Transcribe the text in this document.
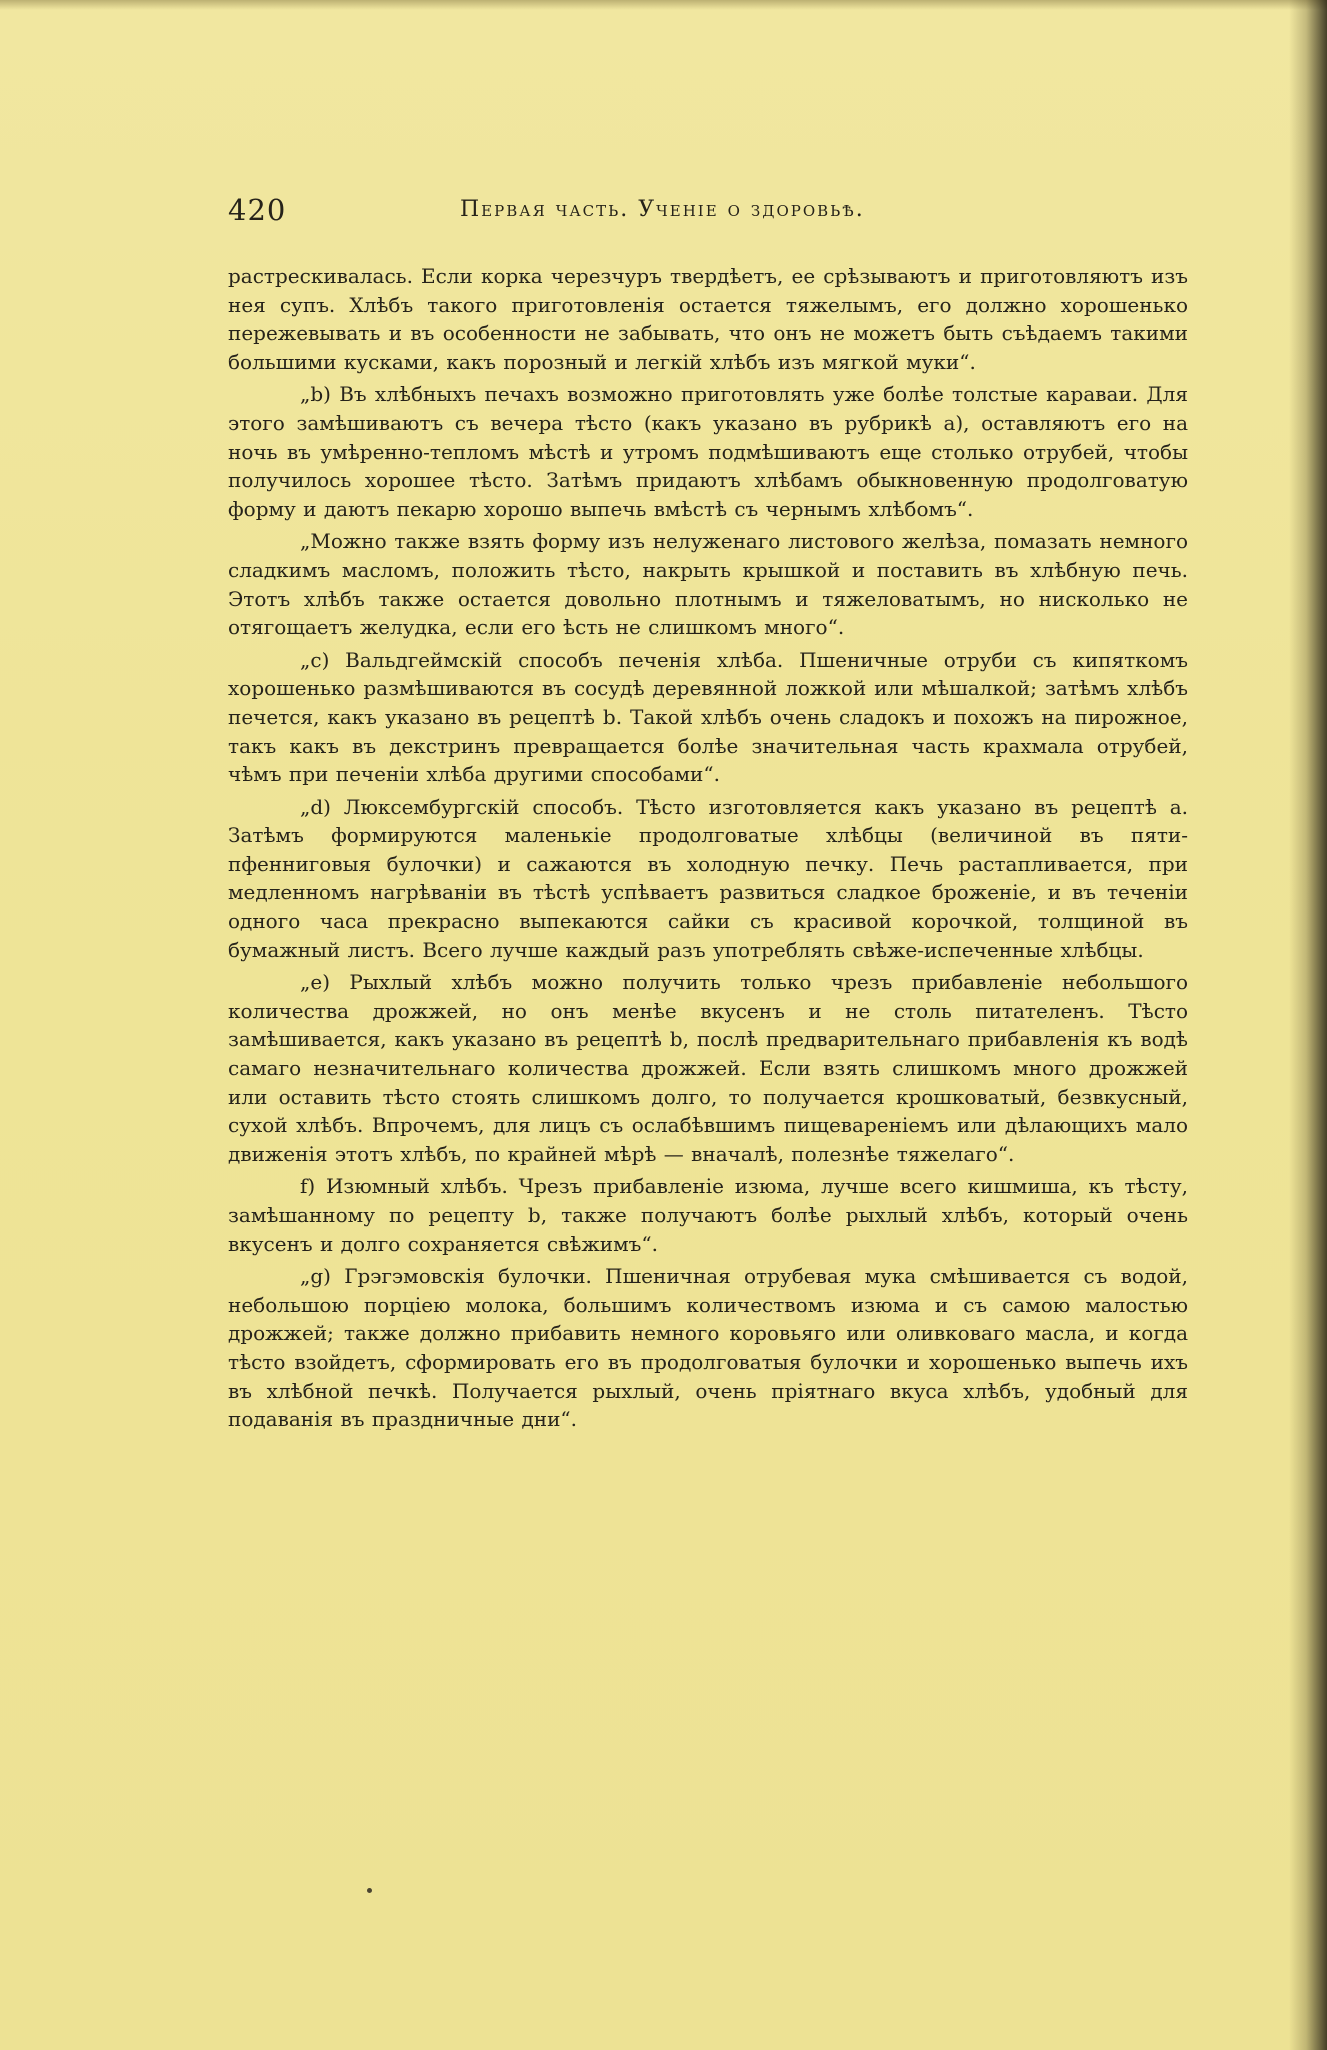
420	Первая часть. Ученіе о здоровьѣ.

растрескивалась. Если корка черезчуръ твердѣетъ, ее срѣзываютъ и приготовляютъ изъ нея супъ. Хлѣбъ такого приготовленія остается тяжелымъ, его должно хорошенько пережевывать и въ особенности не забывать, что онъ не можетъ быть съѣдаемъ такими большими кусками, какъ порозный и легкій хлѣбъ изъ мягкой муки“.

„b) Въ хлѣбныхъ печахъ возможно приготовлять уже болѣе толстые караваи. Для этого замѣшиваютъ съ вечера тѣсто (какъ указано въ рубрикѣ a), оставляютъ его на ночь въ умѣренно-тепломъ мѣстѣ и утромъ подмѣшиваютъ еще столько отрубей, чтобы получилось хорошее тѣсто. Затѣмъ придаютъ хлѣбамъ обыкновенную продолговатую форму и даютъ пекарю хорошо выпечь вмѣстѣ съ чернымъ хлѣбомъ“.

„Можно также взять форму изъ нелуженаго листового желѣза, помазать немного сладкимъ масломъ, положить тѣсто, накрыть крышкой и поставить въ хлѣбную печь. Этотъ хлѣбъ также остается довольно плотнымъ и тяжеловатымъ, но нисколько не отягощаетъ желудка, если его ѣсть не слишкомъ много“.

„c) Вальдгеймскій способъ печенія хлѣба. Пшеничные отруби съ кипяткомъ хорошенько размѣшиваются въ сосудѣ деревянной ложкой или мѣшалкой; затѣмъ хлѣбъ печется, какъ указано въ рецептѣ b. Такой хлѣбъ очень сладокъ и похожъ на пирожное, такъ какъ въ декстринъ превращается болѣе значительная часть крахмала отрубей, чѣмъ при печеніи хлѣба другими способами“.

„d) Люксембургскій способъ. Тѣсто изготовляется какъ указано въ рецептѣ a. Затѣмъ формируются маленькіе продолговатые хлѣбцы (величиной въ пяти-пфенниговыя булочки) и сажаются въ холодную печку. Печь растапливается, при медленномъ нагрѣваніи въ тѣстѣ успѣваетъ развиться сладкое броженіе, и въ теченіи одного часа прекрасно выпекаются сайки съ красивой корочкой, толщиной въ бумажный листъ. Всего лучше каждый разъ употреблять свѣже-испеченные хлѣбцы.

„e) Рыхлый хлѣбъ можно получить только чрезъ прибавленіе небольшого количества дрожжей, но онъ менѣе вкусенъ и не столь питателенъ. Тѣсто замѣшивается, какъ указано въ рецептѣ b, послѣ предварительнаго прибавленія къ водѣ самаго незначительнаго количества дрожжей. Если взять слишкомъ много дрожжей или оставить тѣсто стоять слишкомъ долго, то получается крошковатый, безвкусный, сухой хлѣбъ. Впрочемъ, для лицъ съ ослабѣвшимъ пищевареніемъ или дѣлающихъ мало движенія этотъ хлѣбъ, по крайней мѣрѣ — вначалѣ, полезнѣе тяжелаго“.

f) Изюмный хлѣбъ. Чрезъ прибавленіе изюма, лучше всего кишмиша, къ тѣсту, замѣшанному по рецепту b, также получаютъ болѣе рыхлый хлѣбъ, который очень вкусенъ и долго сохраняется свѣжимъ“.

„g) Грэгэмовскія булочки. Пшеничная отрубевая мука смѣшивается съ водой, небольшою порціею молока, большимъ количествомъ изюма и съ самою малостью дрожжей; также должно прибавить немного коровьяго или оливковаго масла, и когда тѣсто взойдетъ, сформировать его въ продолговатыя булочки и хорошенько выпечь ихъ въ хлѣбной печкѣ. Получается рыхлый, очень пріятнаго вкуса хлѣбъ, удобный для подаванія въ праздничные дни“.
